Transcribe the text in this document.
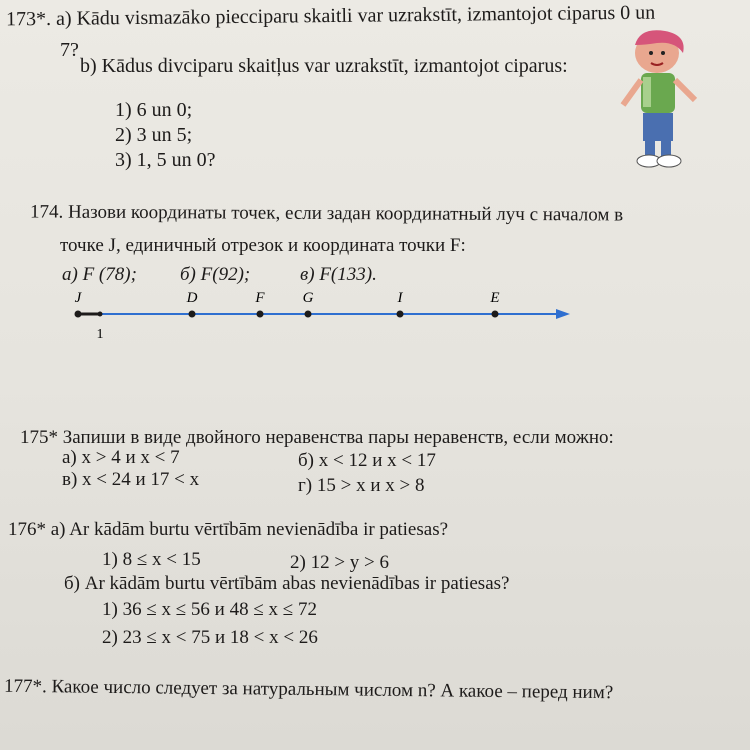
173*. a) Kādu vismazāko piecciparu skaitli var uzrakstīt, izmantojot ciparus 0 un
7?
b) Kādus divciparu skaitļus var uzrakstīt, izmantojot ciparus:
1) 6 un 0;
2) 3 un 5;
3) 1, 5 un 0?
174. Назови координаты точек, если задан координатный луч с началом в
точке J, единичный отрезок и координата точки F:
а) F (78); б) F(92);	в) F(133).
J	D	F	G	I	E
1
175* Запиши в виде двойного неравенства пары неравенств, если можно:
а) x > 4 и x < 7	б) x < 12 и x < 17
в) x < 24 и 17 < x	г) 15 > x и x > 8
176* a) Ar kādām burtu vērtībām nevienādība ir patiesas?
1) 8 ≤ x < 15	2) 12 > y > 6
б) Ar kādām burtu vērtībām abas nevienādības ir patiesas?
1) 36 ≤ x ≤ 56 и 48 ≤ x ≤ 72
2) 23 ≤ x < 75 и 18 < x < 26
177*. Какое число следует за натуральным числом n? А какое – перед ним?
